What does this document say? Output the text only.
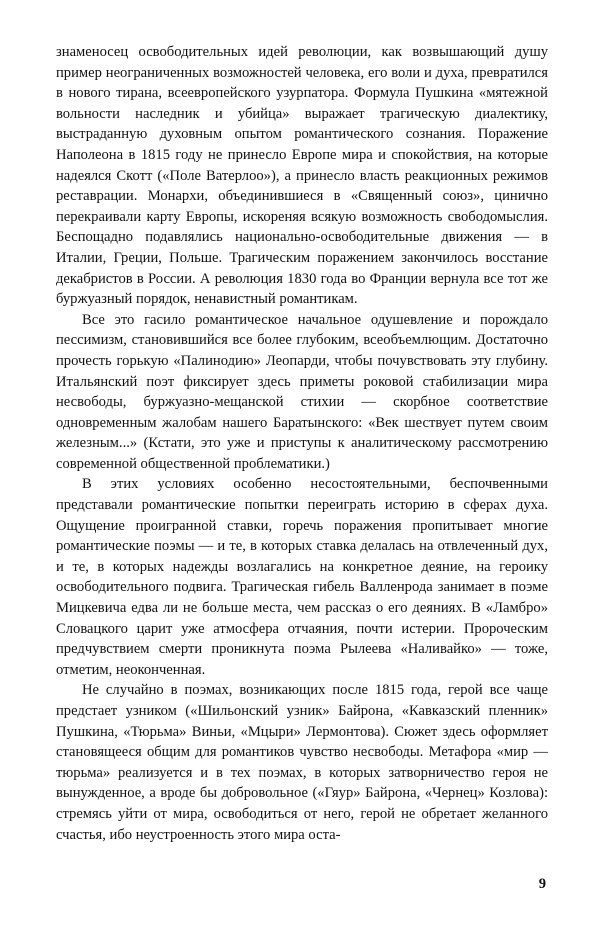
знаменосец освободительных идей революции, как возвышающий душу пример неограниченных возможностей человека, его воли и духа, превратился в нового тирана, всеевропейского узурпатора. Формула Пушкина «мятежной вольности наследник и убийца» выражает трагическую диалектику, выстраданную духовным опытом романтического сознания. Поражение Наполеона в 1815 году не принесло Европе мира и спокойствия, на которые надеялся Скотт («Поле Ватерлоо»), а принесло власть реакционных режимов реставрации. Монархи, объединившиеся в «Священный союз», цинично перекраивали карту Европы, искореняя всякую возможность свободомыслия. Беспощадно подавлялись национально-освободительные движения — в Италии, Греции, Польше. Трагическим поражением закончилось восстание декабристов в России. А революция 1830 года во Франции вернула все тот же буржуазный порядок, ненавистный романтикам.

Все это гасило романтическое начальное одушевление и порождало пессимизм, становившийся все более глубоким, всеобъемлющим. Достаточно прочесть горькую «Палинодию» Леопарди, чтобы почувствовать эту глубину. Итальянский поэт фиксирует здесь приметы роковой стабилизации мира несвободы, буржуазно-мещанской стихии — скорбное соответствие одновременным жалобам нашего Баратынского: «Век шествует путем своим железным...» (Кстати, это уже и приступы к аналитическому рассмотрению современной общественной проблематики.)

В этих условиях особенно несостоятельными, беспочвенными представали романтические попытки переиграть историю в сферах духа. Ощущение проигранной ставки, горечь поражения пропитывает многие романтические поэмы — и те, в которых ставка делалась на отвлеченный дух, и те, в которых надежды возлагались на конкретное деяние, на героику освободительного подвига. Трагическая гибель Валленрода занимает в поэме Мицкевича едва ли не больше места, чем рассказ о его деяниях. В «Ламбро» Словацкого царит уже атмосфера отчаяния, почти истерии. Пророческим предчувствием смерти проникнута поэма Рылеева «Наливайко» — тоже, отметим, неоконченная.

Не случайно в поэмах, возникающих после 1815 года, герой все чаще предстает узником («Шильонский узник» Байрона, «Кавказский пленник» Пушкина, «Тюрьма» Виньи, «Мцыри» Лермонтова). Сюжет здесь оформляет становящееся общим для романтиков чувство несвободы. Метафора «мир — тюрьма» реализуется и в тех поэмах, в которых затворничество героя не вынужденное, а вроде бы добровольное («Гяур» Байрона, «Чернец» Козлова): стремясь уйти от мира, освободиться от него, герой не обретает желанного счастья, ибо неустроенность этого мира оста-

9
